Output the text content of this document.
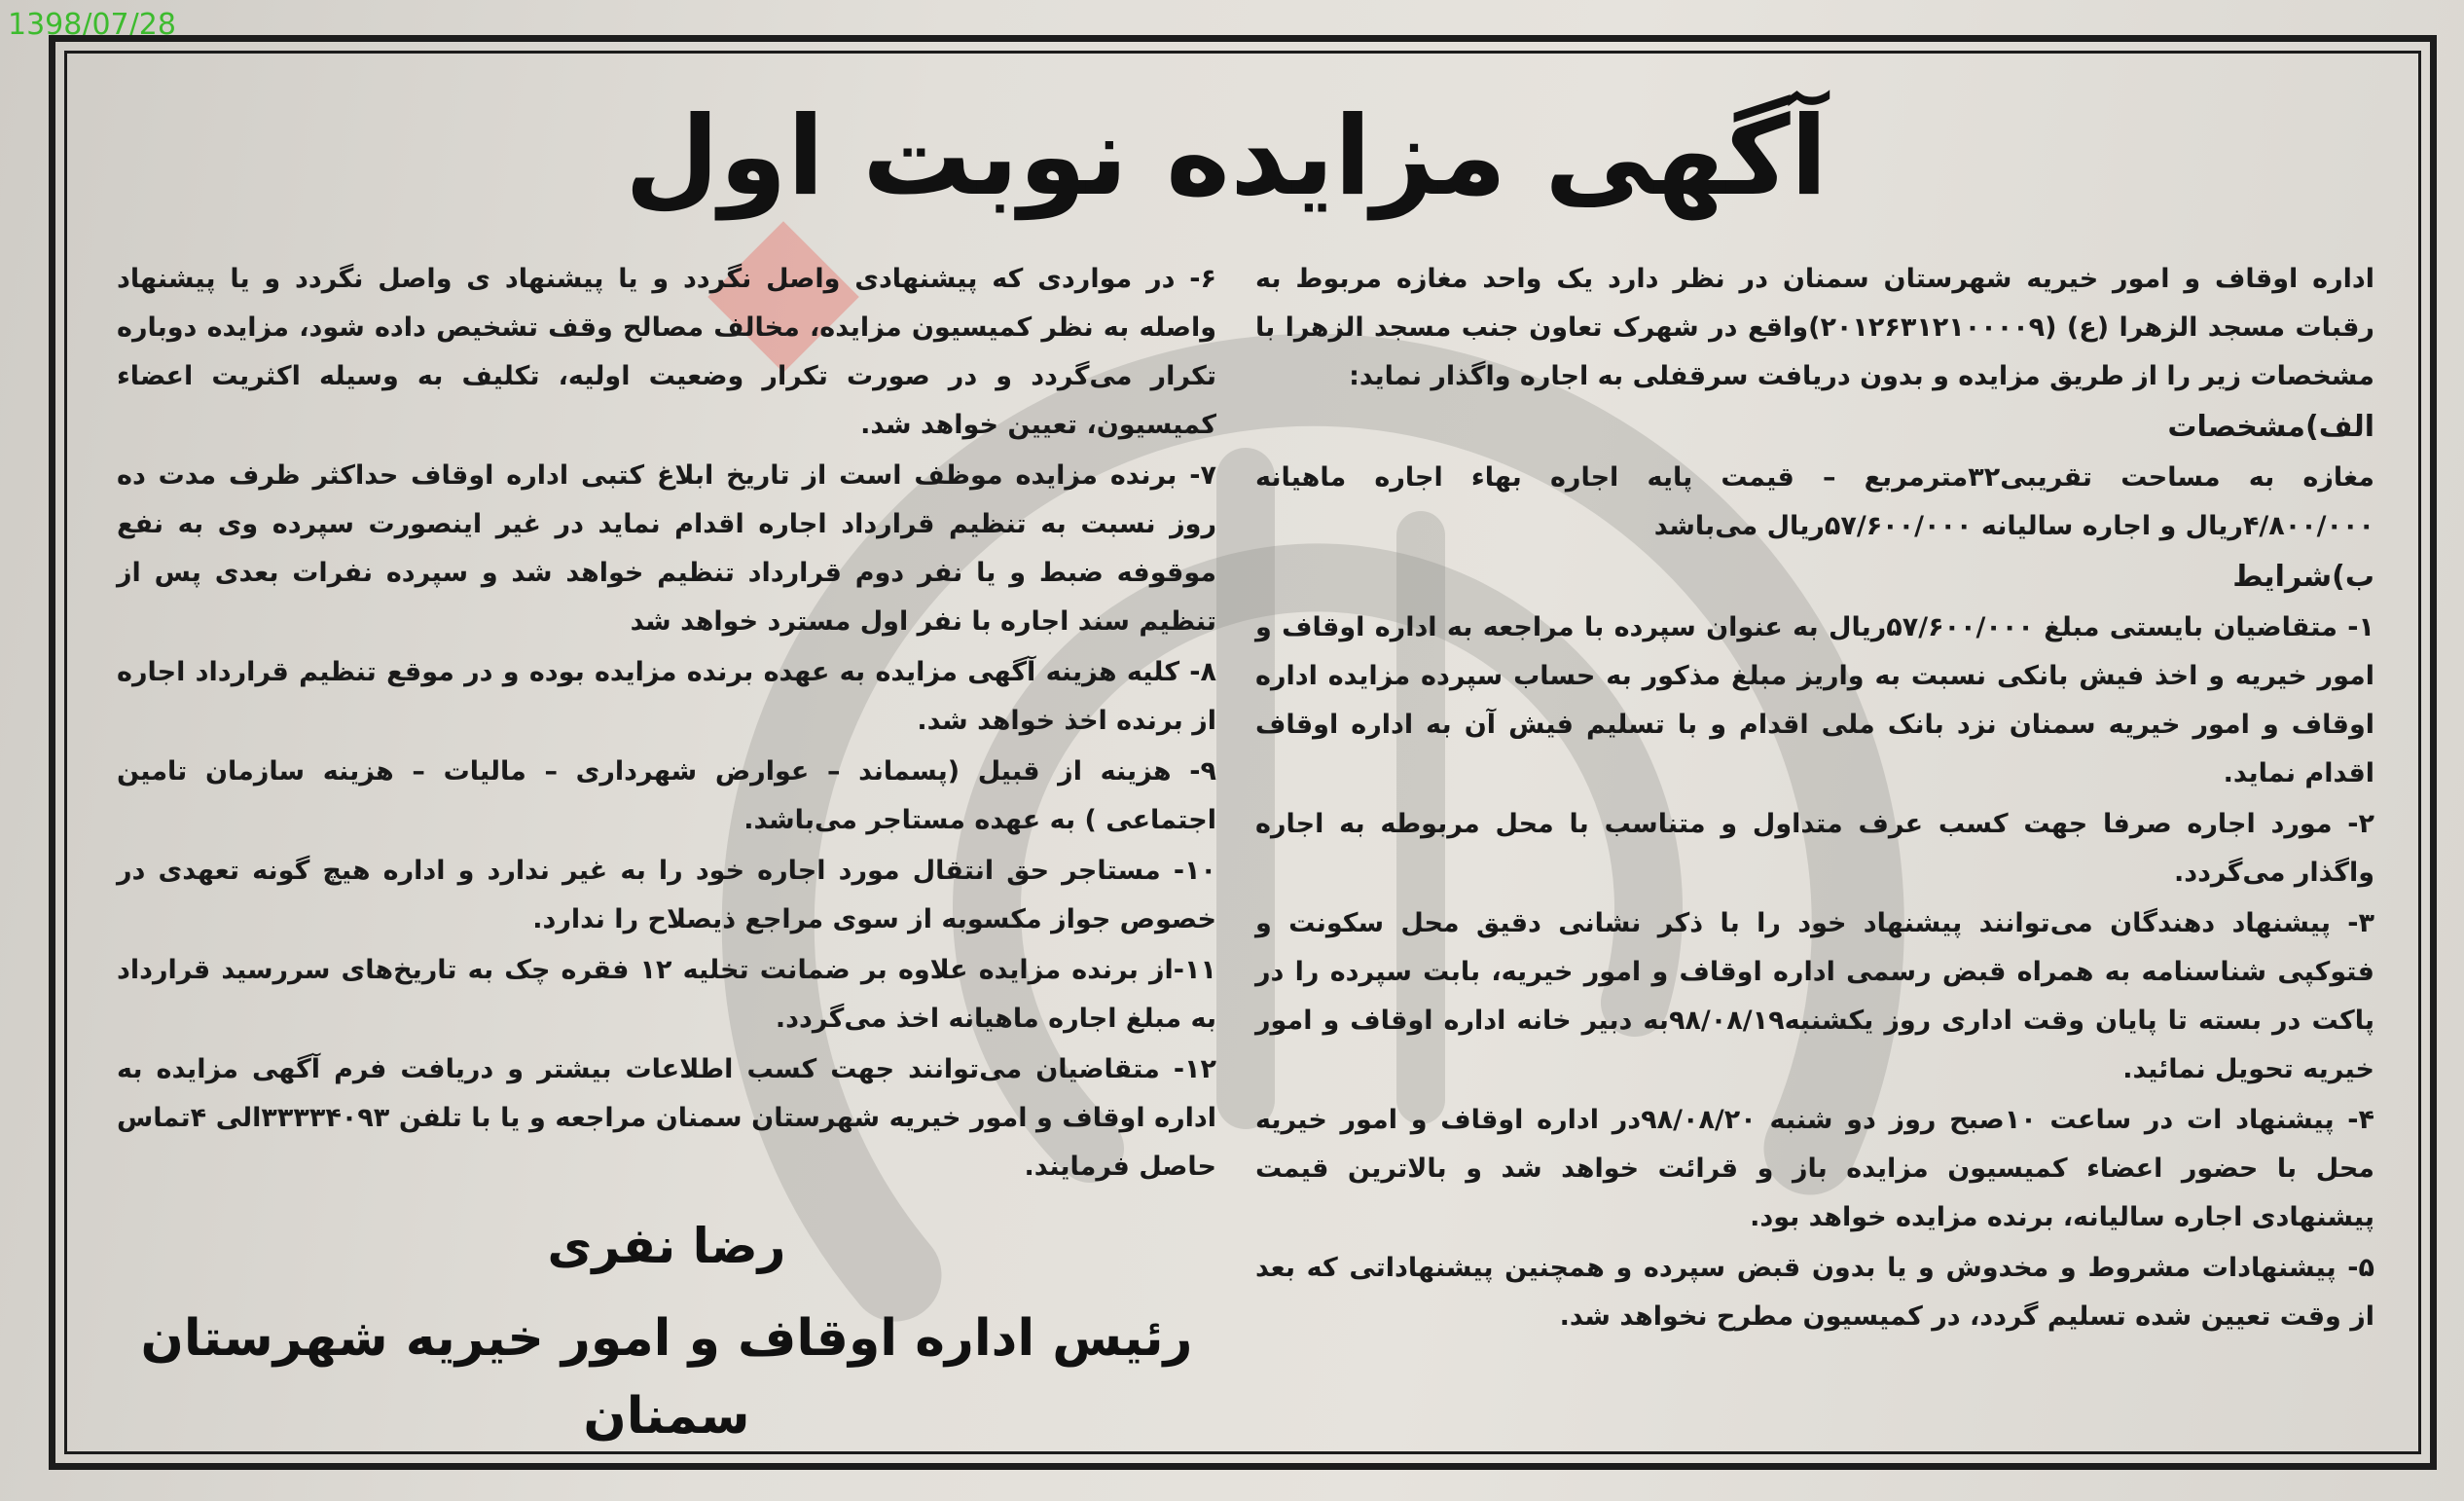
1398/07/28
آگهی مزایده نوبت اول

اداره اوقاف و امور خیریه شهرستان سمنان در نظر دارد یک واحد مغازه مربوط به رقبات مسجد الزهرا (ع) (۲۰۱۲۶۳۱۲۱۰۰۰۰۹)واقع در شهرک تعاون جنب مسجد الزهرا با مشخصات زیر را از طریق مزایده و بدون دریافت سرقفلی به اجاره واگذار نماید:

الف)مشخصات

مغازه به مساحت تقریبی۳۲مترمربع – قیمت پایه اجاره بهاء اجاره ماهیانه ۴/۸۰۰/۰۰۰ریال و اجاره سالیانه ۵۷/۶۰۰/۰۰۰ریال می‌باشد

ب)شرایط

۱- متقاضیان بایستی مبلغ ۵۷/۶۰۰/۰۰۰ریال به عنوان سپرده با مراجعه به اداره اوقاف و امور خیریه و اخذ فیش بانکی نسبت به واریز مبلغ مذکور به حساب سپرده مزایده اداره اوقاف و امور خیریه سمنان نزد بانک ملی اقدام و با تسلیم فیش آن به اداره اوقاف اقدام نماید.

۲- مورد اجاره صرفا جهت کسب عرف متداول و متناسب با محل مربوطه به اجاره واگذار می‌گردد.

۳- پیشنهاد دهندگان می‌توانند پیشنهاد خود را با ذکر نشانی دقیق محل سکونت و فتوکپی شناسنامه به همراه قبض رسمی اداره اوقاف و امور خیریه، بابت سپرده را در پاکت در بسته تا پایان وقت اداری روز یکشنبه۹۸/۰۸/۱۹به دبیر خانه اداره اوقاف و امور خیریه تحویل نمائید.

۴- پیشنهاد ات در ساعت ۱۰صبح روز دو شنبه ۹۸/۰۸/۲۰در اداره اوقاف و امور خیریه محل با حضور اعضاء کمیسیون مزایده باز و قرائت خواهد شد و بالاترین قیمت پیشنهادی اجاره سالیانه، برنده مزایده خواهد بود.

۵- پیشنهادات مشروط و مخدوش و یا بدون قبض سپرده و همچنین پیشنهاداتی که بعد از وقت تعیین شده تسلیم گردد، در کمیسیون مطرح نخواهد شد.

۶- در مواردی که پیشنهادی واصل نگردد و یا پیشنهاد ی واصل نگردد و یا پیشنهاد واصله به نظر کمیسیون مزایده، مخالف مصالح وقف تشخیص داده شود، مزایده دوباره تکرار می‌گردد و در صورت تکرار وضعیت اولیه، تکلیف به وسیله اکثریت اعضاء کمیسیون، تعیین خواهد شد.

۷- برنده مزایده موظف است از تاریخ ابلاغ کتبی اداره اوقاف حداکثر ظرف مدت ده روز نسبت به تنظیم قرارداد اجاره اقدام نماید در غیر اینصورت سپرده وی به نفع موقوفه ضبط و یا نفر دوم قرارداد تنظیم خواهد شد و سپرده نفرات بعدی پس از تنظیم سند اجاره با نفر اول مسترد خواهد شد

۸- کلیه هزینه آگهی مزایده به عهده برنده مزایده بوده و در موقع تنظیم قرارداد اجاره از برنده اخذ خواهد شد.

۹- هزینه از قبیل (پسماند – عوارض شهرداری – مالیات – هزینه سازمان تامین اجتماعی ) به عهده مستاجر می‌باشد.

۱۰- مستاجر حق انتقال مورد اجاره خود را به غیر ندارد و اداره هیچ گونه تعهدی در خصوص جواز مکسوبه از سوی مراجع ذیصلاح را ندارد.

۱۱-از برنده مزایده علاوه بر ضمانت تخلیه ۱۲ فقره چک به تاریخ‌های سررسید قرارداد به مبلغ اجاره ماهیانه اخذ می‌گردد.

۱۲- متقاضیان می‌توانند جهت کسب اطلاعات بیشتر و دریافت فرم آگهی مزایده به اداره اوقاف و امور خیریه شهرستان سمنان مراجعه و یا با تلفن ۳۳۳۳۴۰۹۳الی ۴تماس حاصل فرمایند.

رضا نفری
رئیس اداره اوقاف و امور خیریه شهرستان سمنان
